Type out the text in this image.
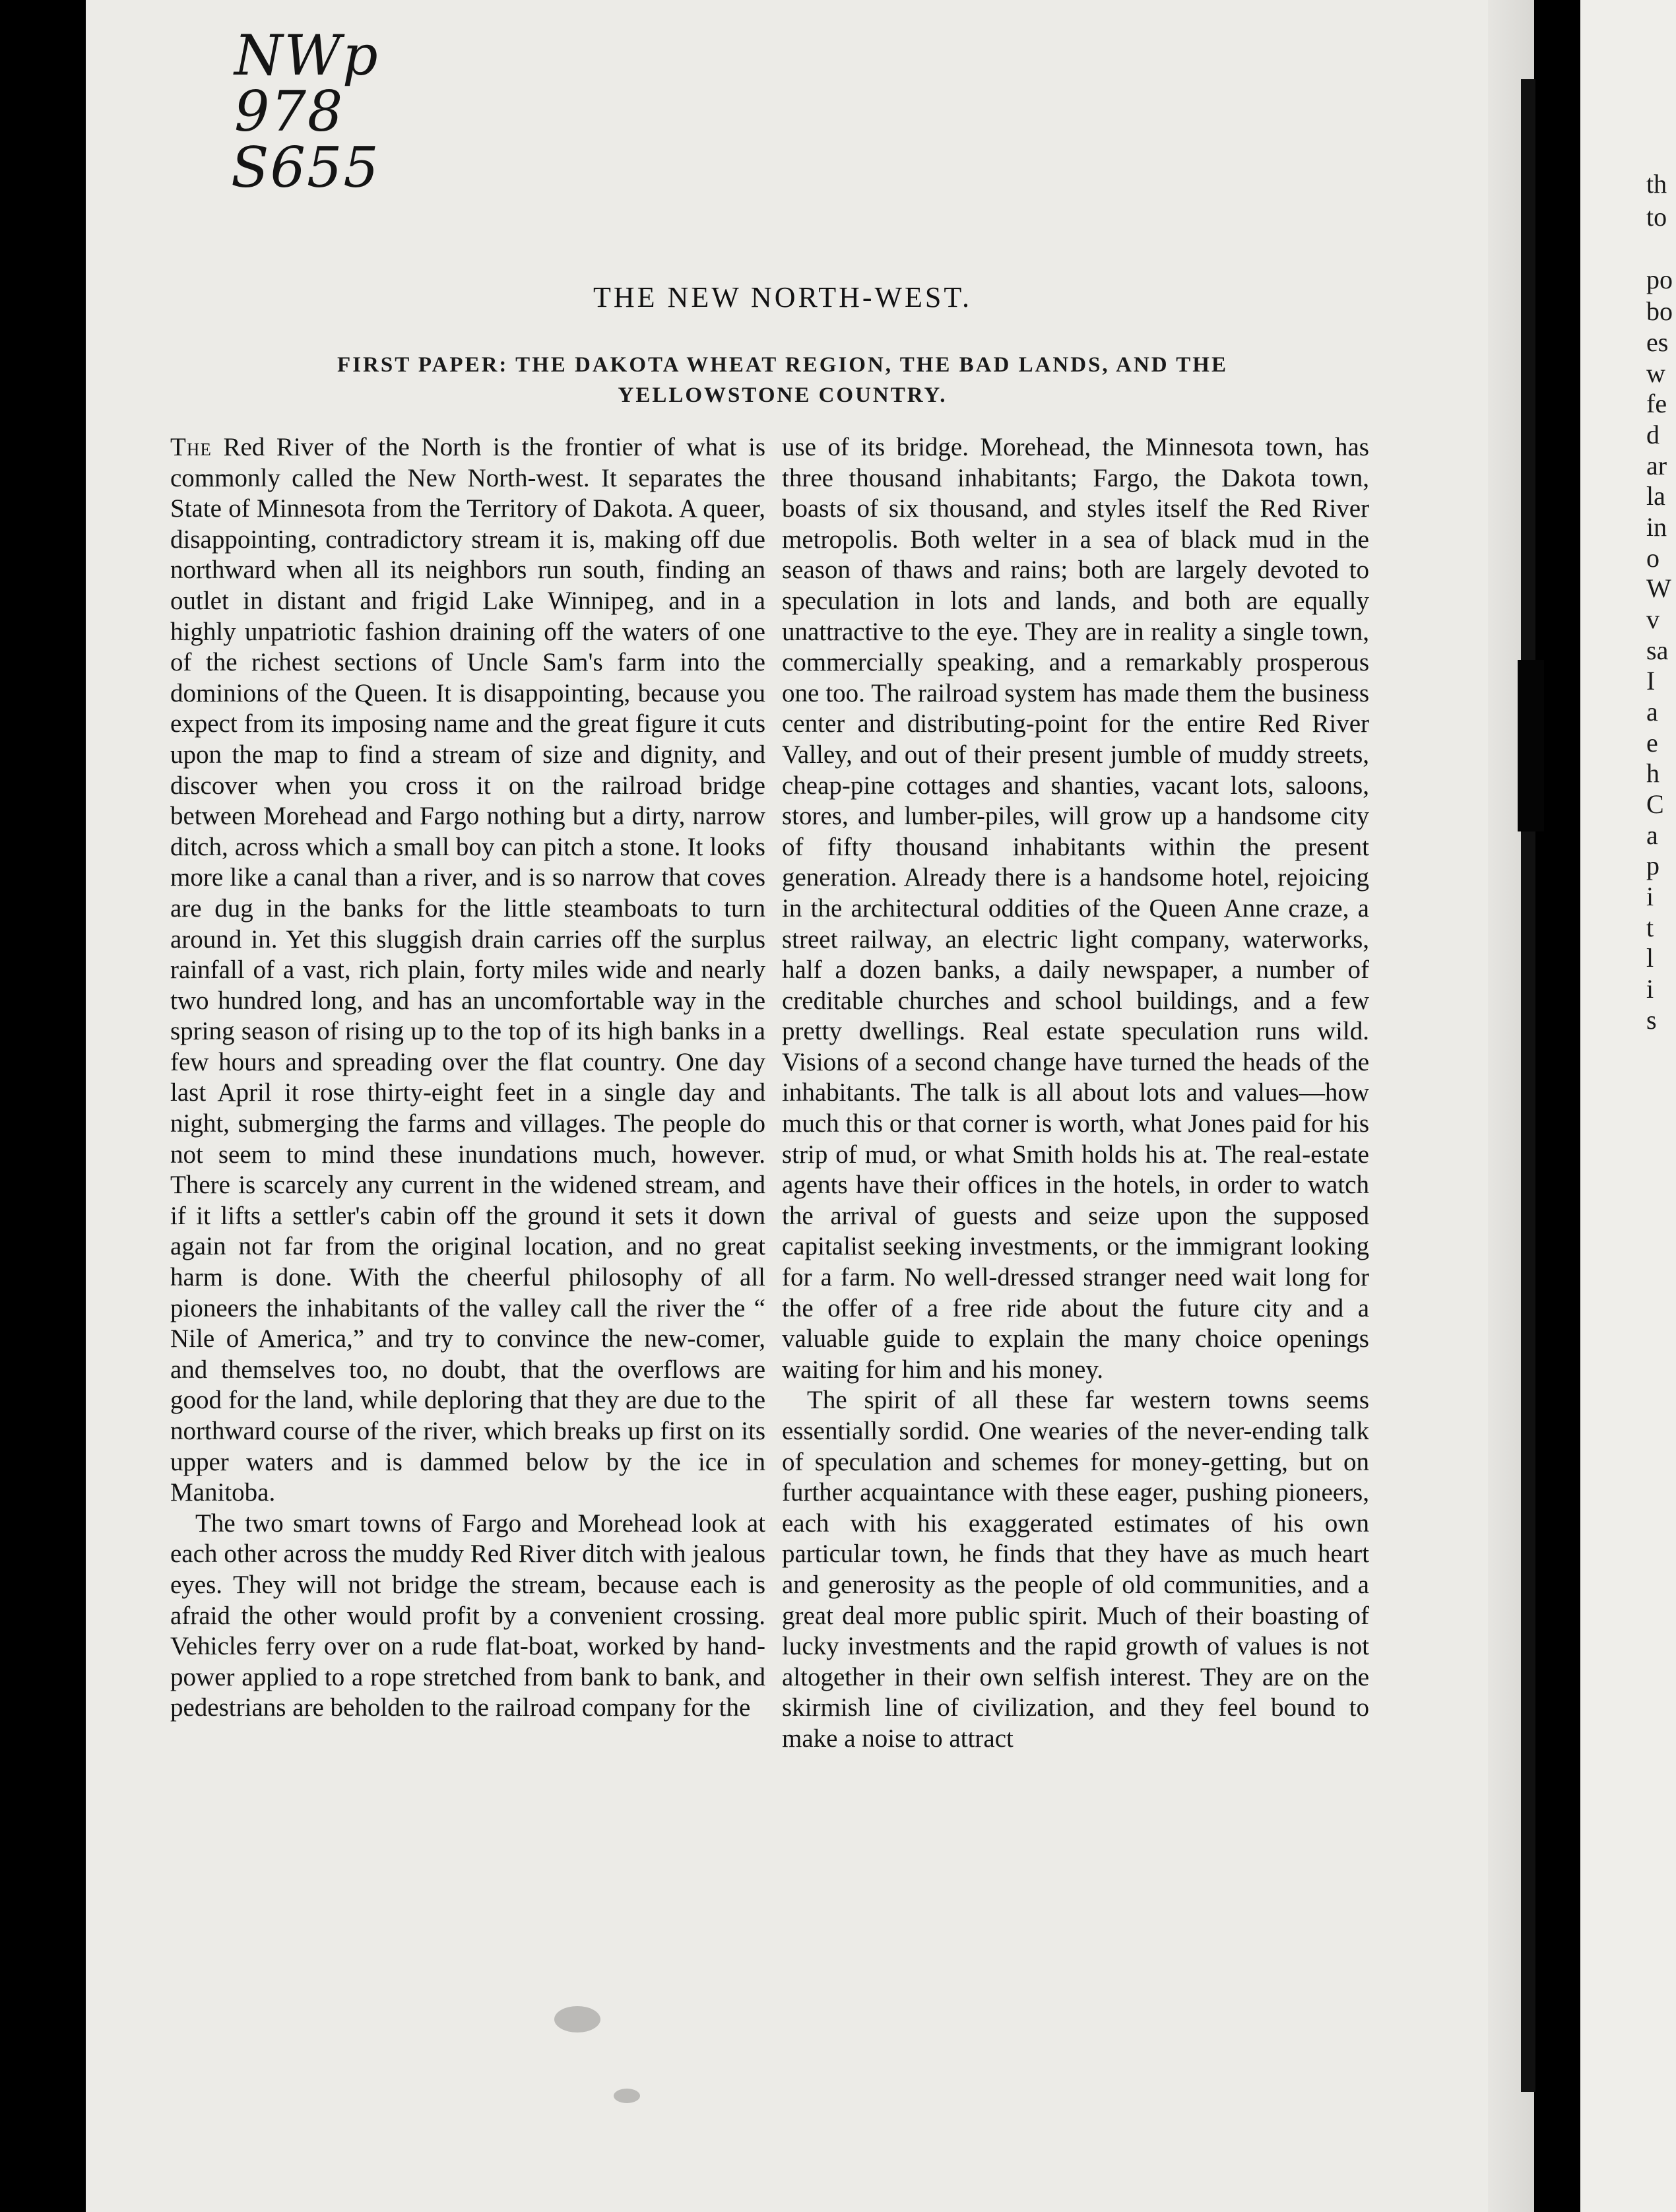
th
to
po
bo
es
w
fe
d
ar
la
in
o
W
v
sa
I
a
e
h
C
a
p
i
t
l
i
s
NWp
978
S655
THE NEW NORTH-WEST.
FIRST PAPER: THE DAKOTA WHEAT REGION, THE BAD LANDS, AND THE
YELLOWSTONE COUNTRY.

The Red River of the North is the frontier of what is commonly called the New North-west. It separates the State of Minnesota from the Territory of Dakota. A queer, disappointing, contradictory stream it is, making off due northward when all its neighbors run south, finding an outlet in distant and frigid Lake Winnipeg, and in a highly unpatriotic fashion draining off the waters of one of the richest sections of Uncle Sam's farm into the dominions of the Queen. It is disappointing, because you expect from its imposing name and the great figure it cuts upon the map to find a stream of size and dignity, and discover when you cross it on the railroad bridge between Morehead and Fargo nothing but a dirty, narrow ditch, across which a small boy can pitch a stone. It looks more like a canal than a river, and is so narrow that coves are dug in the banks for the little steamboats to turn around in. Yet this sluggish drain carries off the surplus rainfall of a vast, rich plain, forty miles wide and nearly two hundred long, and has an uncomfortable way in the spring season of rising up to the top of its high banks in a few hours and spreading over the flat country. One day last April it rose thirty-eight feet in a single day and night, submerging the farms and villages. The people do not seem to mind these inundations much, however. There is scarcely any current in the widened stream, and if it lifts a settler's cabin off the ground it sets it down again not far from the original location, and no great harm is done. With the cheerful philosophy of all pioneers the inhabitants of the valley call the river the “ Nile of America,” and try to convince the new-comer, and themselves too, no doubt, that the overflows are good for the land, while deploring that they are due to the northward course of the river, which breaks up first on its upper waters and is dammed below by the ice in Manitoba.

The two smart towns of Fargo and Morehead look at each other across the muddy Red River ditch with jealous eyes. They will not bridge the stream, because each is afraid the other would profit by a convenient crossing. Vehicles ferry over on a rude flat-boat, worked by hand-power applied to a rope stretched from bank to bank, and pedestrians are beholden to the railroad company for the

use of its bridge. Morehead, the Minnesota town, has three thousand inhabitants; Fargo, the Dakota town, boasts of six thousand, and styles itself the Red River metropolis. Both welter in a sea of black mud in the season of thaws and rains; both are largely devoted to speculation in lots and lands, and both are equally unattractive to the eye. They are in reality a single town, commercially speaking, and a remarkably prosperous one too. The railroad system has made them the business center and distributing-point for the entire Red River Valley, and out of their present jumble of muddy streets, cheap-pine cottages and shanties, vacant lots, saloons, stores, and lumber-piles, will grow up a handsome city of fifty thousand inhabitants within the present generation. Already there is a handsome hotel, rejoicing in the architectural oddities of the Queen Anne craze, a street railway, an electric light company, waterworks, half a dozen banks, a daily newspaper, a number of creditable churches and school buildings, and a few pretty dwellings. Real estate speculation runs wild. Visions of a second change have turned the heads of the inhabitants. The talk is all about lots and values—how much this or that corner is worth, what Jones paid for his strip of mud, or what Smith holds his at. The real-estate agents have their offices in the hotels, in order to watch the arrival of guests and seize upon the supposed capitalist seeking investments, or the immigrant looking for a farm. No well-dressed stranger need wait long for the offer of a free ride about the future city and a valuable guide to explain the many choice openings waiting for him and his money.

The spirit of all these far western towns seems essentially sordid. One wearies of the never-ending talk of speculation and schemes for money-getting, but on further acquaintance with these eager, pushing pioneers, each with his exaggerated estimates of his own particular town, he finds that they have as much heart and generosity as the people of old communities, and a great deal more public spirit. Much of their boasting of lucky investments and the rapid growth of values is not altogether in their own selfish interest. They are on the skirmish line of civilization, and they feel bound to make a noise to attract
